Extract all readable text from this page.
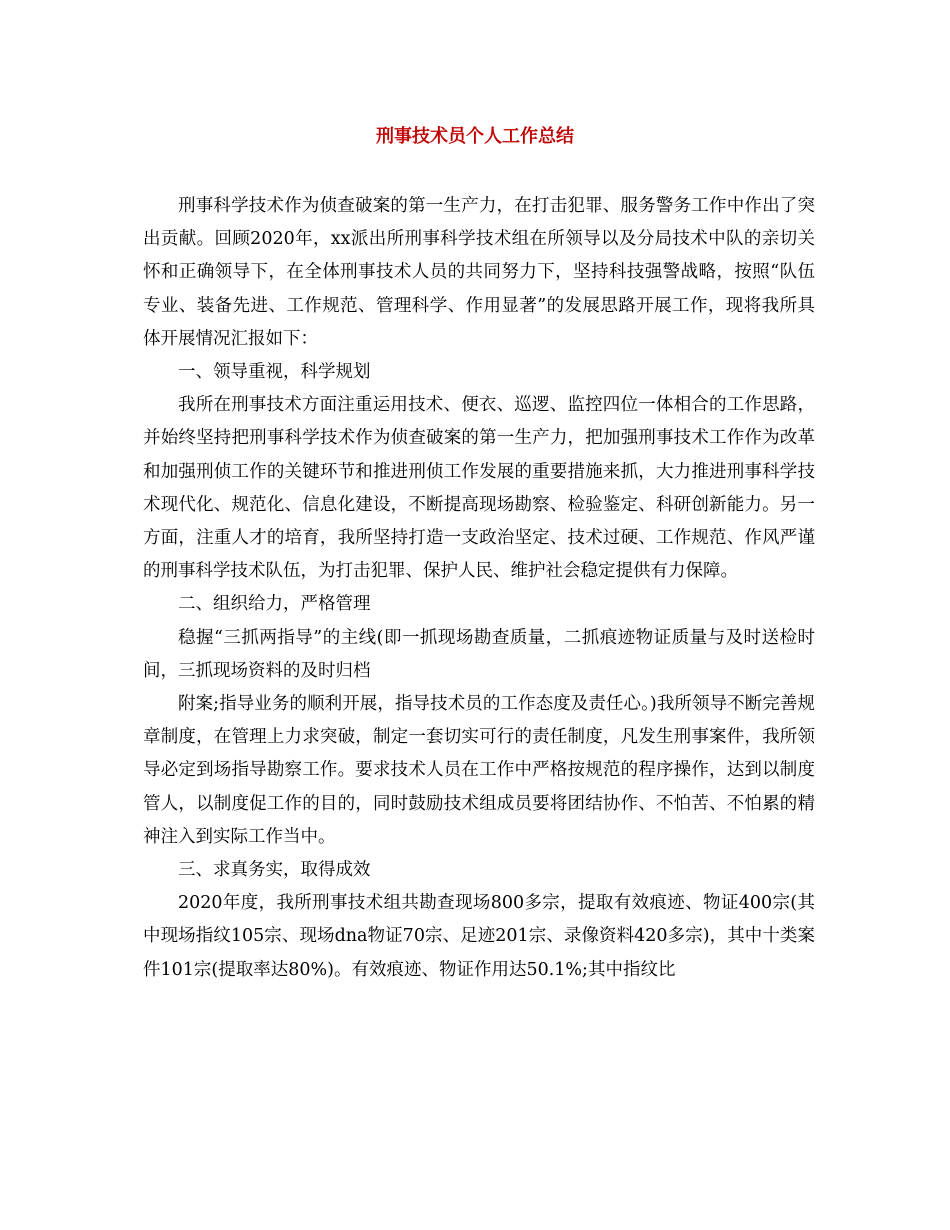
刑事技术员个人工作总结

刑事科学技术作为侦查破案的第一生产力，在打击犯罪、服务警务工作中作出了突出贡献。回顾2020年，xx派出所刑事科学技术组在所领导以及分局技术中队的亲切关怀和正确领导下，在全体刑事技术人员的共同努力下，坚持科技强警战略，按照“队伍专业、装备先进、工作规范、管理科学、作用显著”的发展思路开展工作，现将我所具体开展情况汇报如下：

一、领导重视，科学规划

我所在刑事技术方面注重运用技术、便衣、巡逻、监控四位一体相合的工作思路，并始终坚持把刑事科学技术作为侦查破案的第一生产力，把加强刑事技术工作作为改革和加强刑侦工作的关键环节和推进刑侦工作发展的重要措施来抓，大力推进刑事科学技术现代化、规范化、信息化建设，不断提高现场勘察、检验鉴定、科研创新能力。另一方面，注重人才的培育，我所坚持打造一支政治坚定、技术过硬、工作规范、作风严谨的刑事科学技术队伍，为打击犯罪、保护人民、维护社会稳定提供有力保障。

二、组织给力，严格管理

稳握“三抓两指导”的主线(即一抓现场勘查质量，二抓痕迹物证质量与及时送检时间，三抓现场资料的及时归档

附案;指导业务的顺利开展，指导技术员的工作态度及责任心。)我所领导不断完善规章制度，在管理上力求突破，制定一套切实可行的责任制度，凡发生刑事案件，我所领导必定到场指导勘察工作。要求技术人员在工作中严格按规范的程序操作，达到以制度管人，以制度促工作的目的，同时鼓励技术组成员要将团结协作、不怕苦、不怕累的精神注入到实际工作当中。

三、求真务实，取得成效

2020年度，我所刑事技术组共勘查现场800多宗，提取有效痕迹、物证400宗(其中现场指纹105宗、现场dna物证70宗、足迹201宗、录像资料420多宗)，其中十类案件101宗(提取率达80%)。有效痕迹、物证作用达50.1%;其中指纹比
